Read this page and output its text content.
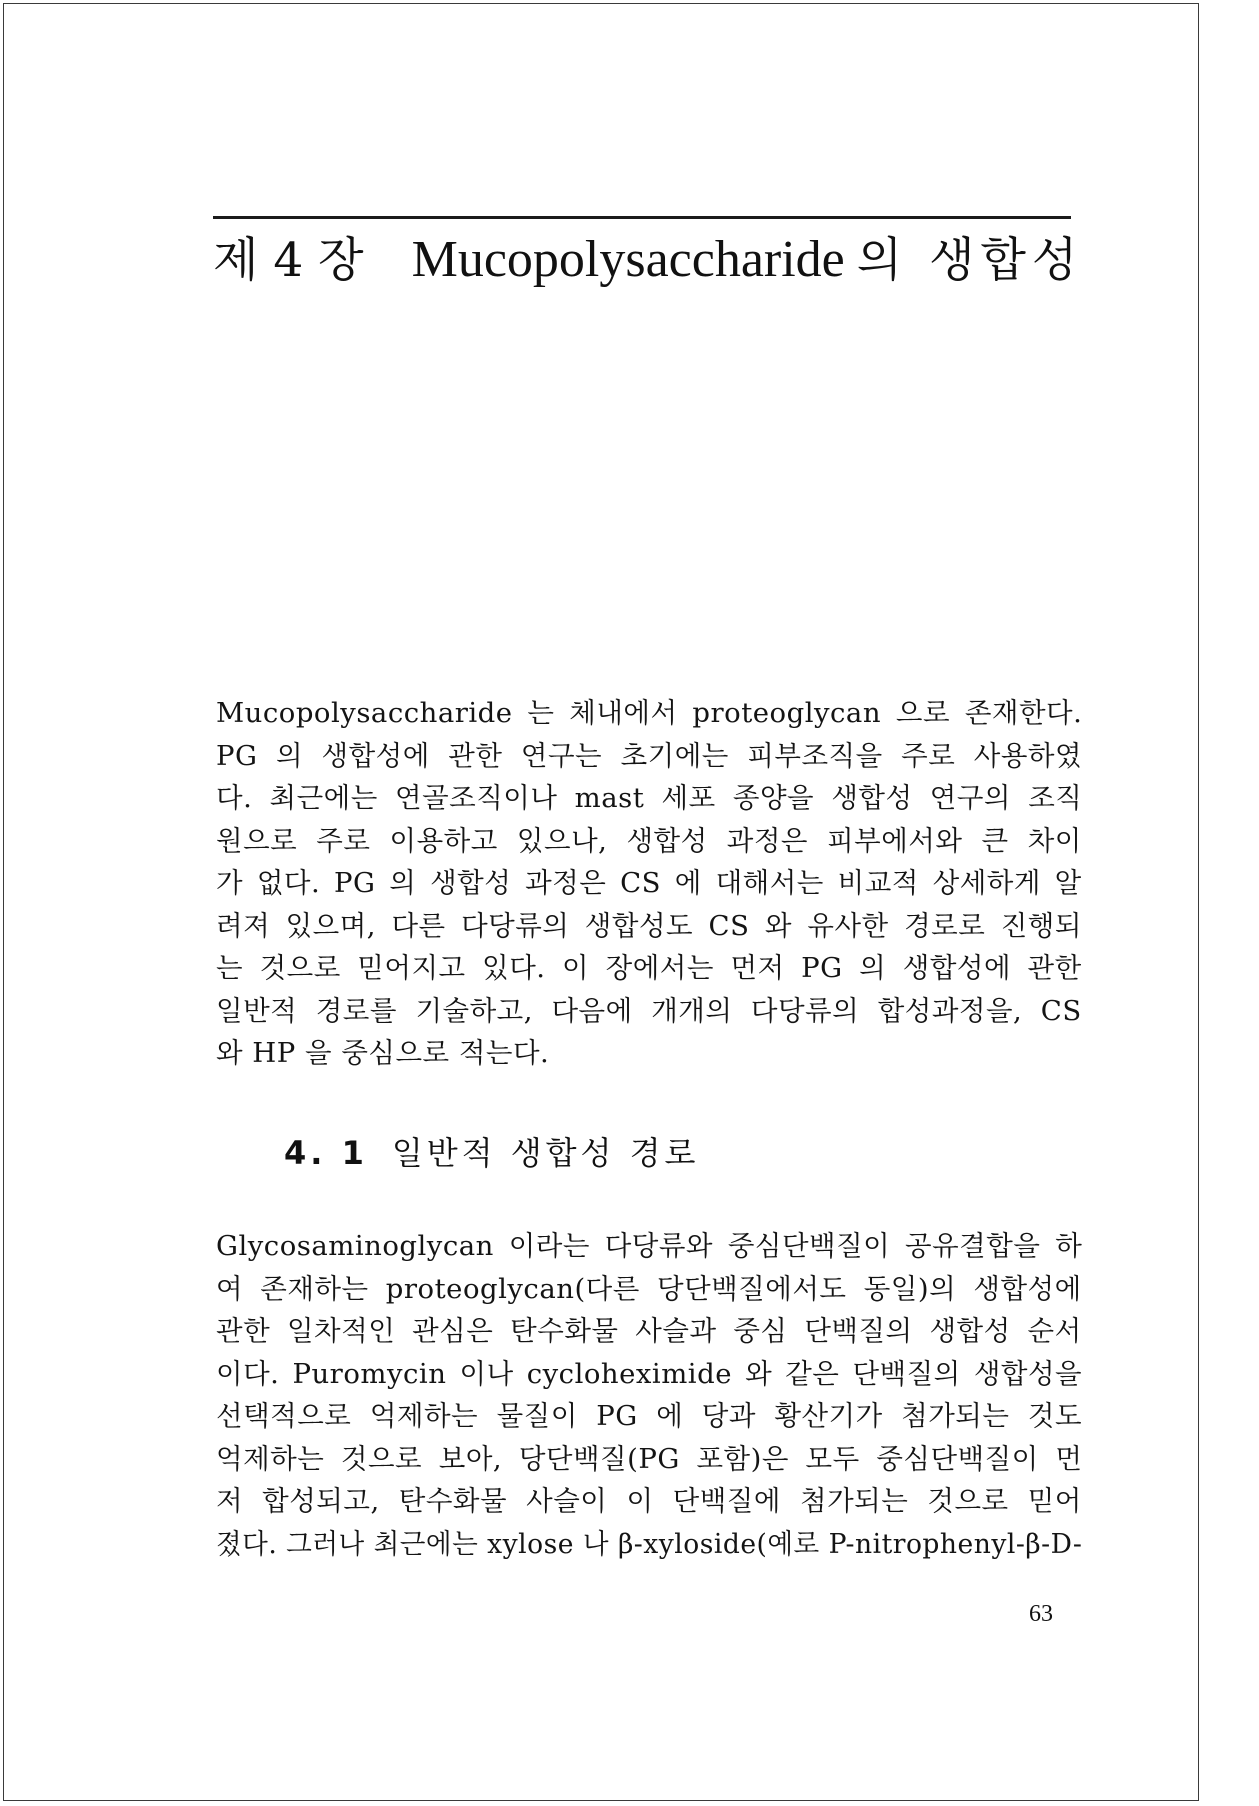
제 4 장 Mucopolysaccharide 의 생합성
Mucopolysaccharide 는 체내에서 proteoglycan 으로 존재한다.
PG 의 생합성에 관한 연구는 초기에는 피부조직을 주로 사용하였
다. 최근에는 연골조직이나 mast 세포 종양을 생합성 연구의 조직
원으로 주로 이용하고 있으나, 생합성 과정은 피부에서와 큰 차이
가 없다. PG 의 생합성 과정은 CS 에 대해서는 비교적 상세하게 알
려져 있으며, 다른 다당류의 생합성도 CS 와 유사한 경로로 진행되
는 것으로 믿어지고 있다. 이 장에서는 먼저 PG 의 생합성에 관한
일반적 경로를 기술하고, 다음에 개개의 다당류의 합성과정을, CS
와 HP 을 중심으로 적는다.
4. 1 일반적 생합성 경로
Glycosaminoglycan 이라는 다당류와 중심단백질이 공유결합을 하
여 존재하는 proteoglycan(다른 당단백질에서도 동일)의 생합성에
관한 일차적인 관심은 탄수화물 사슬과 중심 단백질의 생합성 순서
이다. Puromycin 이나 cycloheximide 와 같은 단백질의 생합성을
선택적으로 억제하는 물질이 PG 에 당과 황산기가 첨가되는 것도
억제하는 것으로 보아, 당단백질(PG 포함)은 모두 중심단백질이 먼
저 합성되고, 탄수화물 사슬이 이 단백질에 첨가되는 것으로 믿어
졌다. 그러나 최근에는 xylose 나 β-xyloside(예로 P-nitrophenyl-β-D-
63
